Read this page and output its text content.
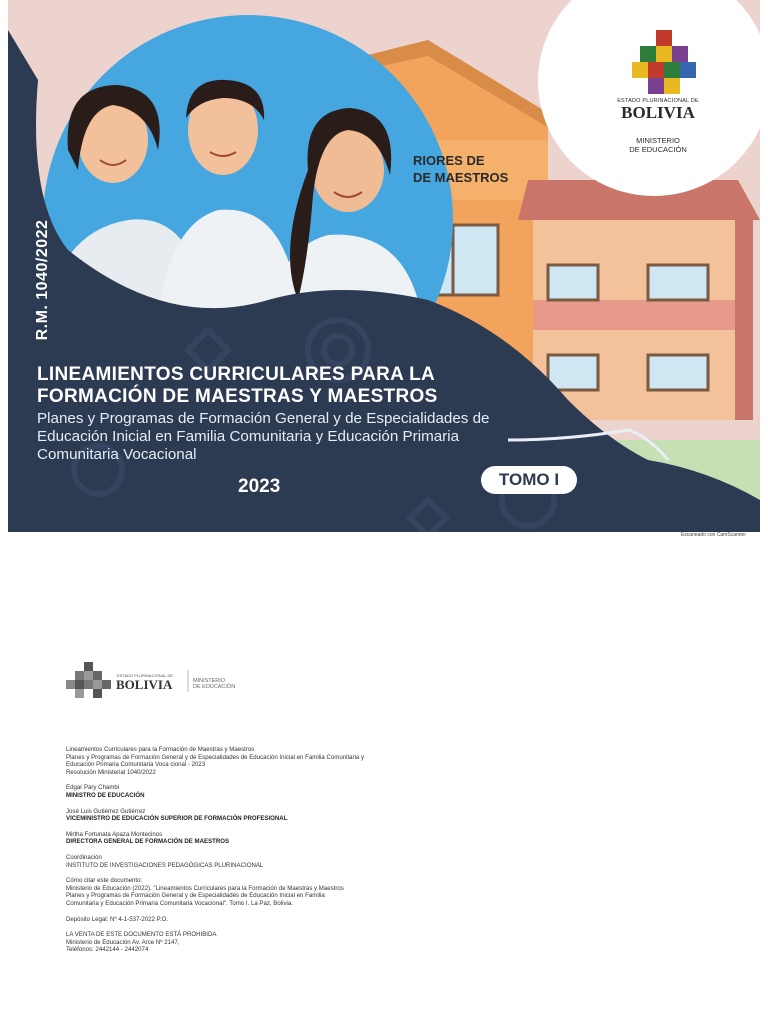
RIORES DE
DE MAESTROS
R.M. 1040/2022
LINEAMIENTOS CURRICULARES PARA LA
FORMACIÓN DE MAESTRAS Y MAESTROS
Planes y Programas de Formación General y de Especialidades de
Educación Inicial en Familia Comunitaria y Educación Primaria
Comunitaria Vocacional
2023	TOMO I
ESTADO PLURINACIONAL DE
BOLIVIA
MINISTERIO
DE EDUCACIÓN
Escaneado con CamScanner
ESTADO PLURINACIONAL DE
BOLIVIA	MINISTERIO
DE EDUCACIÓN

Lineamientos Curriculares para la Formación de Maestras y Maestros

Planes y Programas de Formación General y de Especialidades de Educación Inicial en Familia Comunitaria y

Educación Primaria Comunitaria Voca cional - 2023

Resolución Ministerial 1040/2022

Edgar Pary Chambi

MINISTRO DE EDUCACIÓN

José Luis Gutiérrez Gutiérrez

VICEMINISTRO DE EDUCACIÓN SUPERIOR DE FORMACIÓN PROFESIONAL

Mirtha Fortunata Apaza Montecinos

DIRECTORA GENERAL DE FORMACIÓN DE MAESTROS

Coordinación

INSTITUTO DE INVESTIGACIONES PEDAGÓGICAS PLURINACIONAL

Cómo citar este documento:

Ministerio de Educación (2022). "Lineamientos Curriculares para la Formación de Maestras y Maestros

Planes y Programas de Formación General y de Especialidades de Educación Inicial en Familia

Comunitaria y Educación Primaria Comunitaria Vocacional". Tomo I. La Paz, Bolivia.

Depósito Legal: Nº 4-1-537-2022 P.O.

LA VENTA DE ESTE DOCUMENTO ESTÁ PROHIBIDA

Ministerio de Educación Av. Arce Nº 2147,

Teléfonos: 2442144 - 2442074
